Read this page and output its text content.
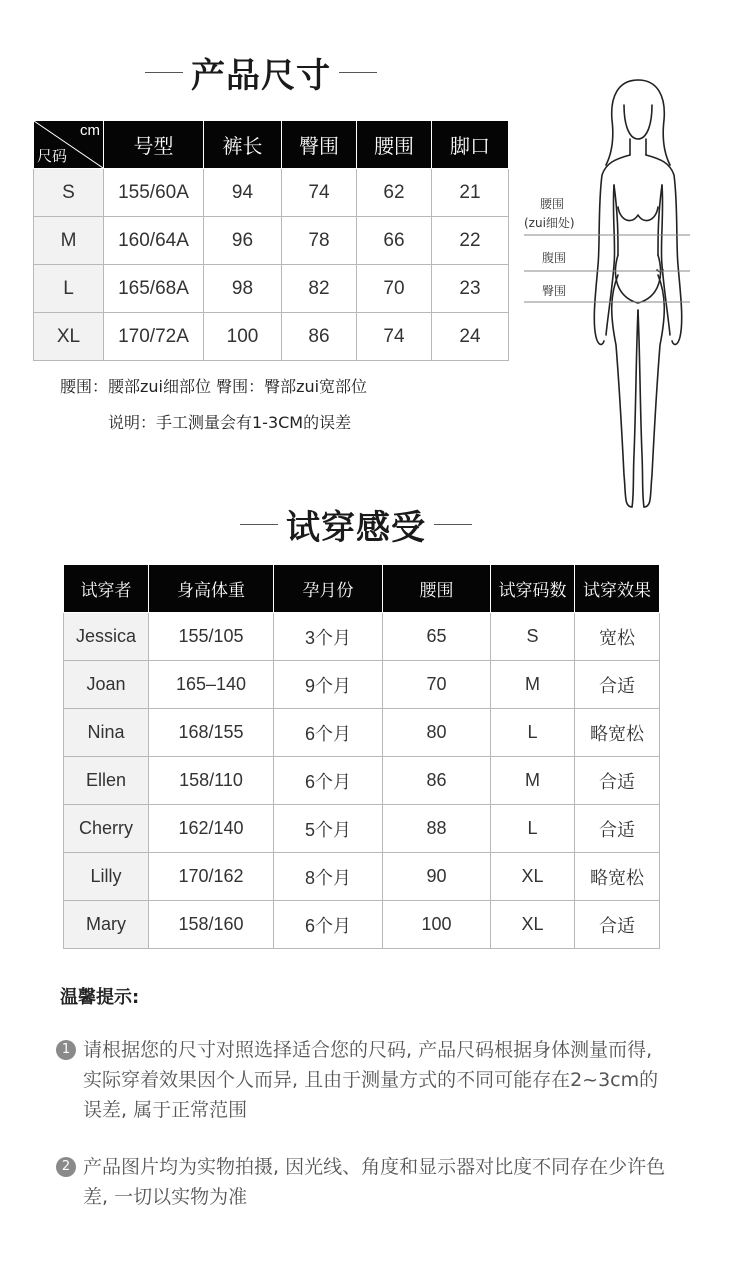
产品尺寸
cm
尺码	号型	裤长	臀围	腰围	脚口
S	155/60A	94	74	62	21
M	160/64A	96	78	66	22
L	165/68A	98	82	70	23
XL	170/72A	100	86	74	24
腰围：腰部zui细部位 臀围：臀部zui宽部位
说明：手工测量会有1-3CM的误差
腰围
(zui细处)
腹围
臀围
试穿感受
试穿者	身高体重	孕月份	腰围	试穿码数	试穿效果
Jessica	155/105	3个月	65	S	宽松
Joan	165–140	9个月	70	M	合适
Nina	168/155	6个月	80	L	略宽松
Ellen	158/110	6个月	86	M	合适
Cherry	162/140	5个月	88	L	合适
Lilly	170/162	8个月	90	XL	略宽松
Mary	158/160	6个月	100	XL	合适
温馨提示:
1 请根据您的尺寸对照选择适合您的尺码, 产品尺码根据身体测量而得, 实际穿着效果因个人而异, 且由于测量方式的不同可能存在2~3cm的误差, 属于正常范围
2 产品图片均为实物拍摄, 因光线、角度和显示器对比度不同存在少许色差, 一切以实物为准
